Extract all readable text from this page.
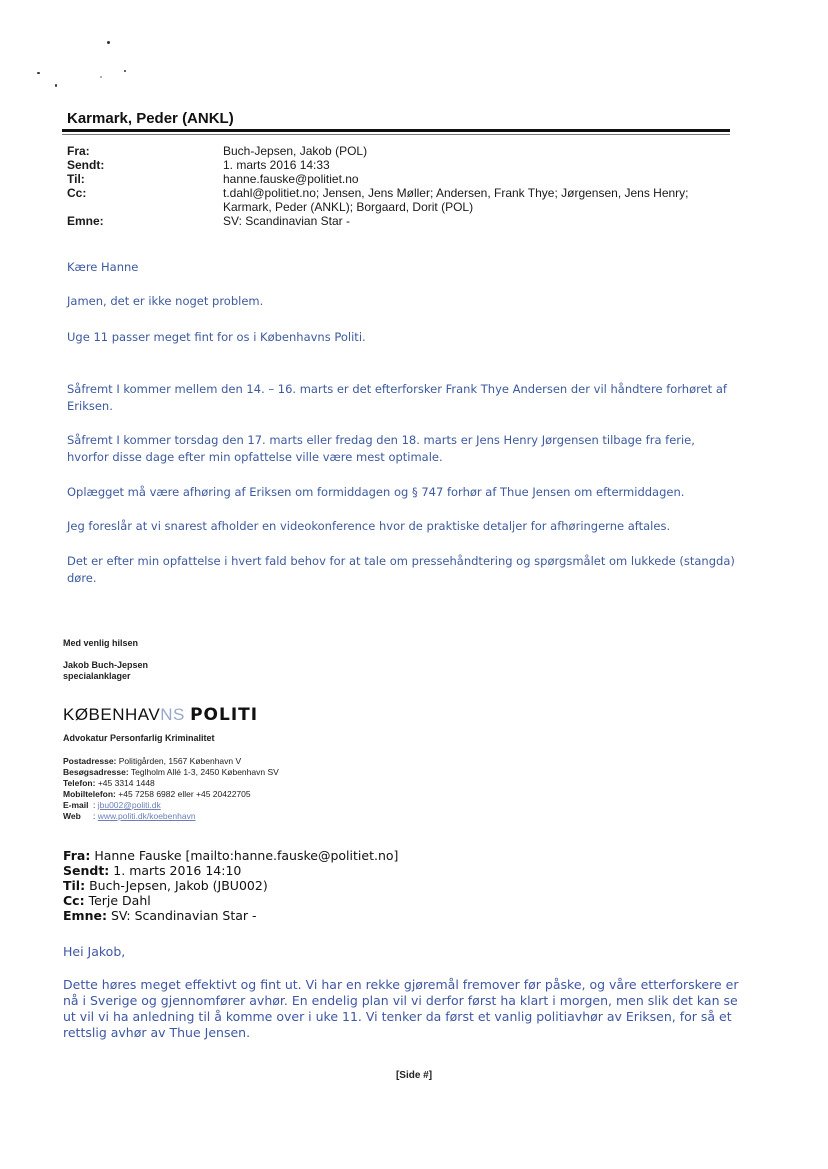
Karmark, Peder (ANKL)
Fra:	Buch-Jepsen, Jakob (POL)
Sendt:	1. marts 2016 14:33
Til:	hanne.fauske@politiet.no
Cc:	t.dahl@politiet.no; Jensen, Jens Møller; Andersen, Frank Thye; Jørgensen, Jens Henry;
Karmark, Peder (ANKL); Borgaard, Dorit (POL)
Emne:	SV: Scandinavian Star -
Kære Hanne
Jamen, det er ikke noget problem.
Uge 11 passer meget fint for os i Københavns Politi.
Såfremt I kommer mellem den 14. – 16. marts er det efterforsker Frank Thye Andersen der vil håndtere forhøret af Eriksen.
Såfremt I kommer torsdag den 17. marts eller fredag den 18. marts er Jens Henry Jørgensen tilbage fra ferie, hvorfor disse dage efter min opfattelse ville være mest optimale.
Oplægget må være afhøring af Eriksen om formiddagen og § 747 forhør af Thue Jensen om eftermiddagen.
Jeg foreslår at vi snarest afholder en videokonference hvor de praktiske detaljer for afhøringerne aftales.
Det er efter min opfattelse i hvert fald behov for at tale om pressehåndtering og spørgsmålet om lukkede (stangda) døre.
Med venlig hilsen
Jakob Buch-Jepsen
specialanklager
KØBENHAVNS POLITI
Advokatur Personfarlig Kriminalitet
Postadresse: Politigården, 1567 København V
Besøgsadresse: Teglholm Allé 1-3, 2450 København SV
Telefon: +45 3314 1448
Mobiltelefon: +45 7258 6982 eller +45 20422705
E-mail : jbu002@politi.dk
Web : www.politi.dk/koebenhavn
Fra: Hanne Fauske [mailto:hanne.fauske@politiet.no]
Sendt: 1. marts 2016 14:10
Til: Buch-Jepsen, Jakob (JBU002)
Cc: Terje Dahl
Emne: SV: Scandinavian Star -
Hei Jakob,
Dette høres meget effektivt og fint ut. Vi har en rekke gjøremål fremover før påske, og våre etterforskere er nå i Sverige og gjennomfører avhør. En endelig plan vil vi derfor først ha klart i morgen, men slik det kan se ut vil vi ha anledning til å komme over i uke 11. Vi tenker da først et vanlig politiavhør av Eriksen, for så et rettslig avhør av Thue Jensen.
[Side #]
